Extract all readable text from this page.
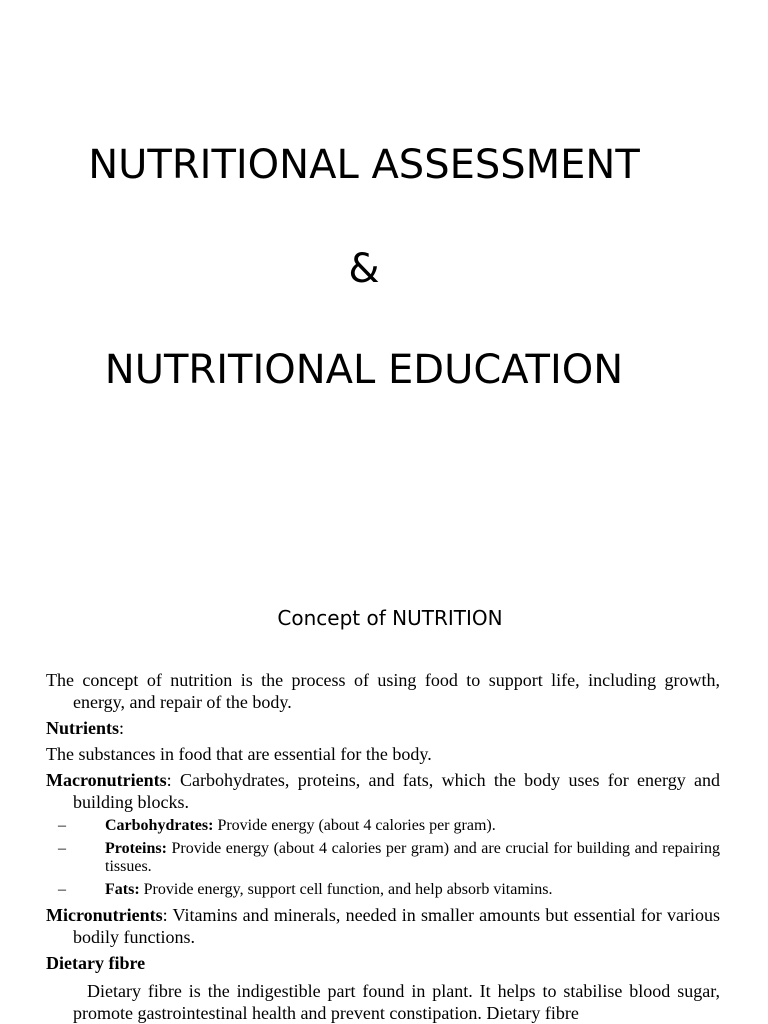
NUTRITIONAL ASSESSMENT
&
NUTRITIONAL EDUCATION
Concept of NUTRITION

The concept of nutrition is the process of using food to support life, including growth, energy, and repair of the body.

Nutrients:

The substances in food that are essential for the body.

Macronutrients: Carbohydrates, proteins, and fats, which the body uses for energy and building blocks.

– Carbohydrates: Provide energy (about 4 calories per gram).
– Proteins: Provide energy (about 4 calories per gram) and are crucial for building and repairing tissues.
– Fats: Provide energy, support cell function, and help absorb vitamins.

Micronutrients: Vitamins and minerals, needed in smaller amounts but essential for various bodily functions.

Dietary fibre

Dietary fibre is the indigestible part found in plant. It helps to stabilise blood sugar, promote gastrointestinal health and prevent constipation. Dietary fibre
